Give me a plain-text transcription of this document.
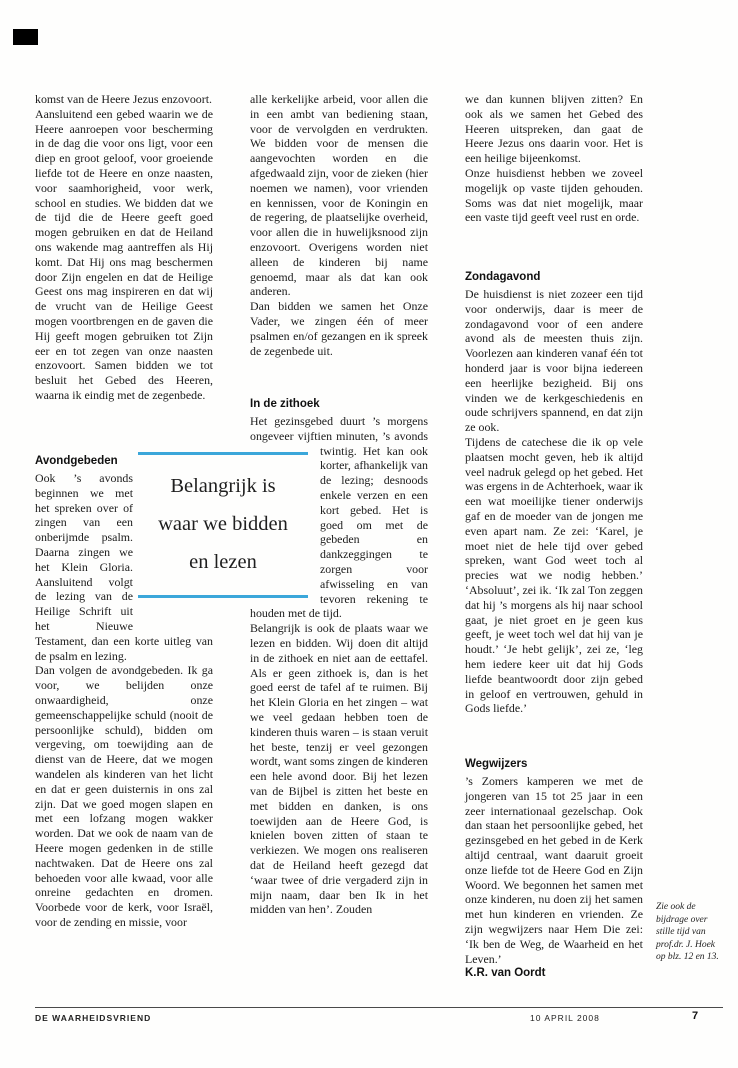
komst van de Heere Jezus enzovoort.

Aansluitend een gebed waarin we de Heere aanroepen voor bescherming in de dag die voor ons ligt, voor een diep en groot geloof, voor groeiende liefde tot de Heere en onze naasten, voor saamhorigheid, voor werk, school en studies. We bidden dat we de tijd die de Heere geeft goed mogen gebruiken en dat de Heiland ons wakende mag aantreffen als Hij komt. Dat Hij ons mag beschermen door Zijn engelen en dat de Heilige Geest ons mag inspireren en dat wij de vrucht van de Heilige Geest mogen voortbrengen en de gaven die Hij geeft mogen gebruiken tot Zijn eer en tot zegen van onze naasten enzovoort. Samen bidden we tot besluit het Gebed des Heeren, waarna ik eindig met de zegenbede.

Avondgebeden

Ook ’s avonds beginnen we met het spreken over of zingen van een onberijmde psalm. Daarna zingen we het Klein Gloria. Aansluitend volgt de lezing van de Heilige Schrift uit het Nieuwe Testament, dan een korte uitleg van de psalm en lezing.

Dan volgen de avondgebeden. Ik ga voor, we belijden onze onwaardigheid, onze gemeenschappelijke schuld (nooit de persoonlijke schuld), bidden om vergeving, om toewijding aan de dienst van de Heere, dat we mogen wandelen als kinderen van het licht en dat er geen duisternis in ons zal zijn. Dat we goed mogen slapen en met een lofzang mogen wakker worden. Dat we ook de naam van de Heere mogen gedenken in de stille nachtwaken. Dat de Heere ons zal behoeden voor alle kwaad, voor alle onreine gedachten en dromen. Voorbede voor de kerk, voor Israël, voor de zending en missie, voor

alle kerkelijke arbeid, voor allen die in een ambt van bediening staan, voor de vervolgden en verdrukten. We bidden voor de mensen die aangevochten worden en die afgedwaald zijn, voor de zieken (hier noemen we namen), voor vrienden en kennissen, voor de Koningin en de regering, de plaatselijke overheid, voor allen die in huwelijksnood zijn enzovoort. Overigens worden niet alleen de kinderen bij name genoemd, maar als dat kan ook anderen.

Dan bidden we samen het Onze Vader, we zingen één of meer psalmen en/of gezangen en ik spreek de zegenbede uit.

In de zithoek

Het gezinsgebed duurt ’s morgens ongeveer vijftien minuten, ’s avonds twintig. Het kan ook
Belangrijk is
waar we bidden
en lezen
korter, afhankelijk van de lezing; desnoods enkele verzen en een kort gebed. Het is goed om met de gebeden en dankzeggingen te zorgen voor afwisseling en van tevoren rekening te houden met de tijd.

Belangrijk is ook de plaats waar we lezen en bidden. Wij doen dit altijd in de zithoek en niet aan de eettafel. Als er geen zithoek is, dan is het goed eerst de tafel af te ruimen. Bij het Klein Gloria en het zingen – wat we veel gedaan hebben toen de kinderen thuis waren – is staan veruit het beste, tenzij er veel gezongen wordt, want soms zingen de kinderen een hele avond door. Bij het lezen van de Bijbel is zitten het beste en met bidden en danken, is ons toewijden aan de Heere God, is knielen boven zitten of staan te verkiezen. We mogen ons realiseren dat de Heiland heeft gezegd dat ‘waar twee of drie vergaderd zijn in mijn naam, daar ben Ik in het midden van hen’. Zouden

we dan kunnen blijven zitten? En ook als we samen het Gebed des Heeren uitspreken, dan gaat de Heere Jezus ons daarin voor. Het is een heilige bijeenkomst.

Onze huisdienst hebben we zoveel mogelijk op vaste tijden gehouden. Soms was dat niet mogelijk, maar een vaste tijd geeft veel rust en orde.

Zondagavond

De huisdienst is niet zozeer een tijd voor onderwijs, daar is meer de zondagavond voor of een andere avond als de meesten thuis zijn. Voorlezen aan kinderen vanaf één tot honderd jaar is voor bijna iedereen een heerlijke bezigheid. Bij ons vinden we de kerkgeschiedenis en oude schrijvers spannend, en dat zijn ze ook.

Tijdens de catechese die ik op vele plaatsen mocht geven, heb ik altijd veel nadruk gelegd op het gebed. Het was ergens in de Achterhoek, waar ik een wat moeilijke tiener onderwijs gaf en de moeder van de jongen me even apart nam. Ze zei: ‘Karel, je moet niet de hele tijd over gebed spreken, want God weet toch al precies wat we nodig hebben.’ ‘Absoluut’, zei ik. ‘Ik zal Ton zeggen dat hij ’s morgens als hij naar school gaat, je niet groet en je geen kus geeft, je weet toch wel dat hij van je houdt.’ ‘Je hebt gelijk’, zei ze, ‘leg hem iedere keer uit dat hij Gods liefde beantwoordt door zijn gebed in geloof en vertrouwen, gehuld in Gods liefde.’

Wegwijzers

’s Zomers kamperen we met de jongeren van 15 tot 25 jaar in een zeer internationaal gezelschap. Ook dan staan het persoonlijke gebed, het gezinsgebed en het gebed in de Kerk altijd centraal, want daaruit groeit onze liefde tot de Heere God en Zijn Woord. We begonnen het samen met onze kinderen, nu doen zij het samen met hun kinderen en vrienden. Ze zijn wegwijzers naar Hem Die zei: ‘Ik ben de Weg, de Waarheid en het Leven.’

K.R. van Oordt

Zie ook de bijdrage over stille tijd van prof.dr. J. Hoek op blz. 12 en 13.
DE WAARHEIDSVRIEND	10 APRIL 2008	7
